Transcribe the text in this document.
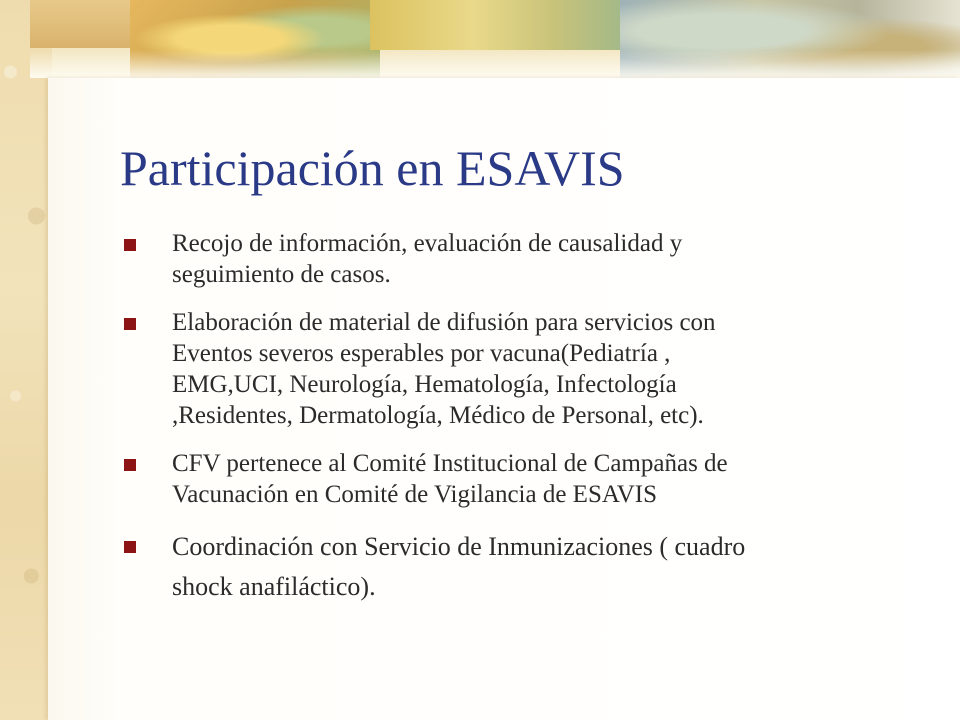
Participación en ESAVIS
Recojo de información, evaluación de causalidad y
seguimiento de casos.
Elaboración de material de difusión para servicios con
Eventos severos esperables por vacuna(Pediatría ,
EMG,UCI, Neurología, Hematología, Infectología
,Residentes, Dermatología, Médico de Personal, etc).
CFV pertenece al Comité Institucional de Campañas de
Vacunación en Comité de Vigilancia de ESAVIS
Coordinación con Servicio de Inmunizaciones ( cuadro
shock anafiláctico).
